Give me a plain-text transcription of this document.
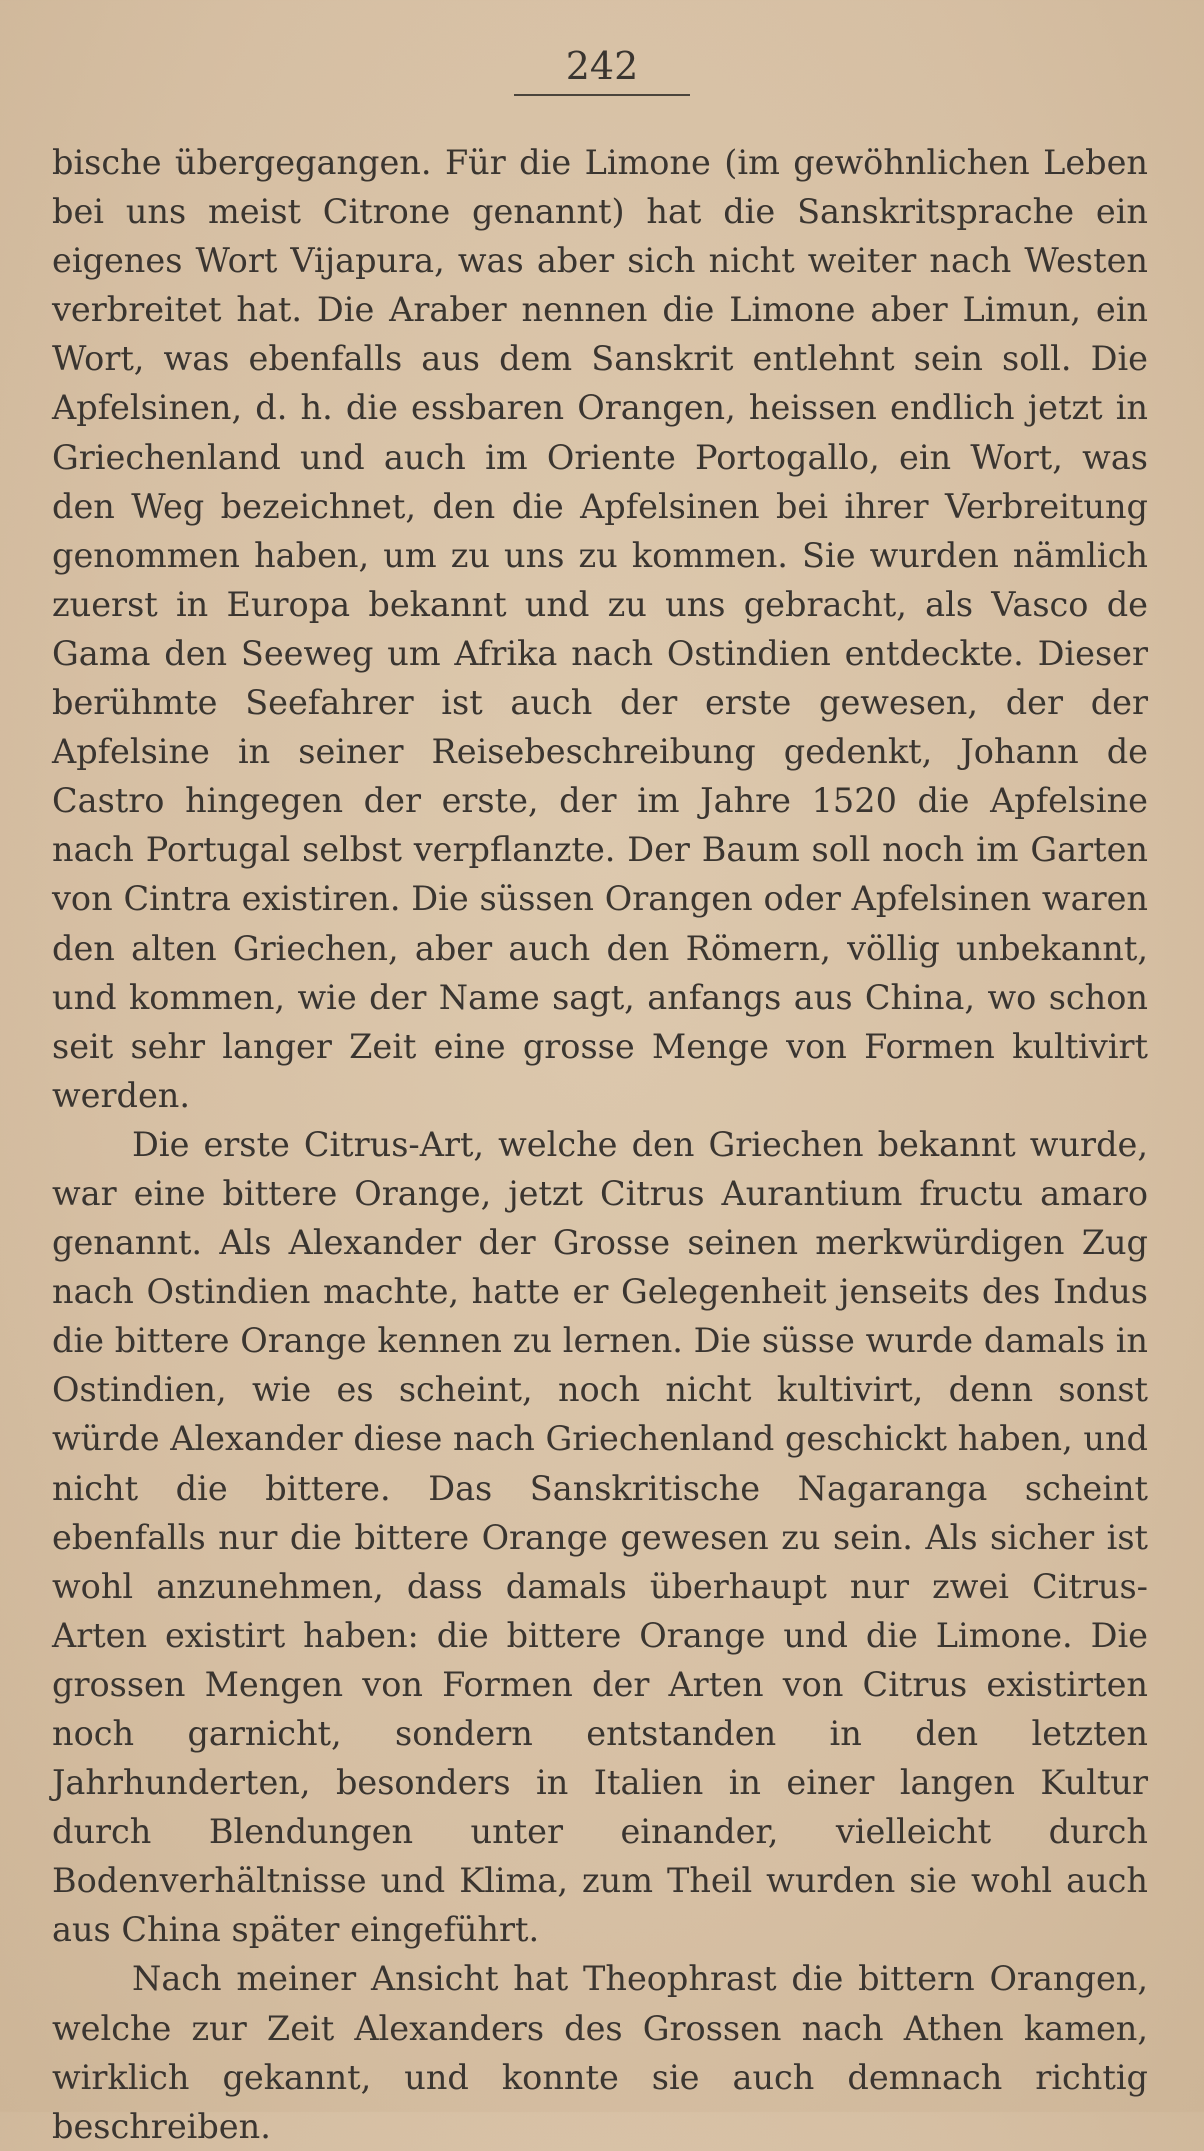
242

bische übergegangen. Für die Limone (im gewöhnlichen Leben bei uns meist Citrone genannt) hat die Sanskritsprache ein eigenes Wort Vijapura, was aber sich nicht weiter nach Westen verbreitet hat. Die Araber nennen die Limone aber Limun, ein Wort, was ebenfalls aus dem Sanskrit entlehnt sein soll. Die Apfelsinen, d. h. die essbaren Orangen, heissen endlich jetzt in Griechenland und auch im Oriente Portogallo, ein Wort, was den Weg bezeichnet, den die Apfelsinen bei ihrer Verbreitung genommen haben, um zu uns zu kommen. Sie wurden nämlich zuerst in Europa bekannt und zu uns gebracht, als Vasco de Gama den Seeweg um Afrika nach Ostindien entdeckte. Dieser berühmte Seefahrer ist auch der erste gewesen, der der Apfelsine in seiner Reisebeschreibung gedenkt, Johann de Castro hingegen der erste, der im Jahre 1520 die Apfelsine nach Portugal selbst verpflanzte. Der Baum soll noch im Garten von Cintra existiren. Die süssen Orangen oder Apfelsinen waren den alten Griechen, aber auch den Römern, völlig unbekannt, und kommen, wie der Name sagt, anfangs aus China, wo schon seit sehr langer Zeit eine grosse Menge von Formen kultivirt werden.

Die erste Citrus-Art, welche den Griechen bekannt wurde, war eine bittere Orange, jetzt Citrus Aurantium fructu amaro genannt. Als Alexander der Grosse seinen merkwürdigen Zug nach Ostindien machte, hatte er Gelegenheit jenseits des Indus die bittere Orange kennen zu lernen. Die süsse wurde damals in Ostindien, wie es scheint, noch nicht kultivirt, denn sonst würde Alexander diese nach Griechenland geschickt haben, und nicht die bittere. Das Sanskritische Nagaranga scheint ebenfalls nur die bittere Orange gewesen zu sein. Als sicher ist wohl anzunehmen, dass damals überhaupt nur zwei Citrus-Arten existirt haben: die bittere Orange und die Limone. Die grossen Mengen von Formen der Arten von Citrus existirten noch garnicht, sondern entstanden in den letzten Jahrhunderten, besonders in Italien in einer langen Kultur durch Blendungen unter einander, vielleicht durch Bodenverhältnisse und Klima, zum Theil wurden sie wohl auch aus China später eingeführt.

Nach meiner Ansicht hat Theophrast die bittern Orangen, welche zur Zeit Alexanders des Grossen nach Athen kamen, wirklich gekannt, und konnte sie auch demnach richtig beschreiben.
